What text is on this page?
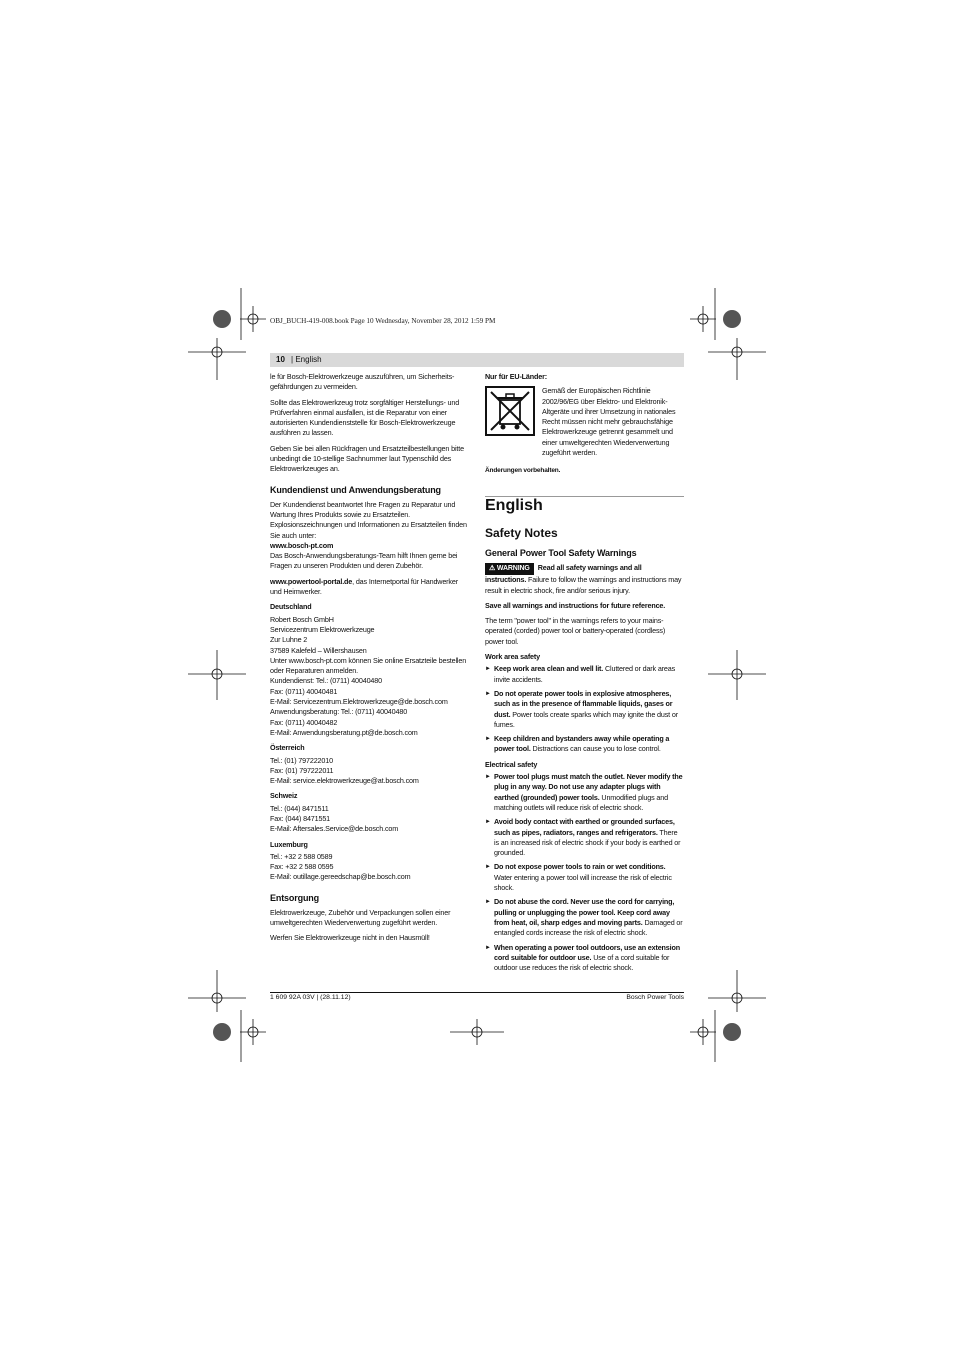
OBJ_BUCH-419-008.book Page 10 Wednesday, November 28, 2012 1:59 PM
10 | English

le für Bosch-Elektrowerkzeuge auszuführen, um Sicherheits-gefährdungen zu vermeiden.

Sollte das Elektrowerkzeug trotz sorgfältiger Herstellungs- und Prüfverfahren einmal ausfallen, ist die Reparatur von einer autorisierten Kundendienststelle für Bosch-Elektrowerkzeuge ausführen zu lassen.

Geben Sie bei allen Rückfragen und Ersatzteilbestellungen bitte unbedingt die 10-stellige Sachnummer laut Typenschild des Elektrowerkzeuges an.

Kundendienst und Anwendungsberatung

Der Kundendienst beantwortet Ihre Fragen zu Reparatur und Wartung Ihres Produkts sowie zu Ersatzteilen. Explosionszeichnungen und Informationen zu Ersatzteilen finden Sie auch unter:

www.bosch-pt.com

Das Bosch-Anwendungsberatungs-Team hilft Ihnen gerne bei Fragen zu unseren Produkten und deren Zubehör.

www.powertool-portal.de, das Internetportal für Handwerker und Heimwerker.

Deutschland
Robert Bosch GmbH
Servicezentrum Elektrowerkzeuge
Zur Luhne 2
37589 Kalefeld – Willershausen
Unter www.bosch-pt.com können Sie online Ersatzteile bestellen oder Reparaturen anmelden.
Kundendienst: Tel.: (0711) 40040480
Fax: (0711) 40040481
E-Mail: Servicezentrum.Elektrowerkzeuge@de.bosch.com
Anwendungsberatung: Tel.: (0711) 40040480
Fax: (0711) 40040482
E-Mail: Anwendungsberatung.pt@de.bosch.com
Österreich
Tel.: (01) 797222010
Fax: (01) 797222011
E-Mail: service.elektrowerkzeuge@at.bosch.com
Schweiz
Tel.: (044) 8471511
Fax: (044) 8471551
E-Mail: Aftersales.Service@de.bosch.com
Luxemburg
Tel.: +32 2 588 0589
Fax: +32 2 588 0595
E-Mail: outillage.gereedschap@be.bosch.com
Entsorgung

Elektrowerkzeuge, Zubehör und Verpackungen sollen einer umweltgerechten Wiederverwertung zugeführt werden.

Werfen Sie Elektrowerkzeuge nicht in den Hausmüll!

Nur für EU-Länder:
Gemäß der Europäischen Richtlinie 2002/96/EG über Elektro- und Elektronik-Altgeräte und ihrer Umsetzung in nationales Recht müssen nicht mehr gebrauchsfähige Elektrowerkzeuge getrennt gesammelt und einer umweltgerechten Wiederverwertung zugeführt werden.
Änderungen vorbehalten.
English
Safety Notes
General Power Tool Safety Warnings

⚠ WARNING Read all safety warnings and all instructions. Failure to follow the warnings and instructions may result in electric shock, fire and/or serious injury.

Save all warnings and instructions for future reference.

The term "power tool" in the warnings refers to your mains-operated (corded) power tool or battery-operated (cordless) power tool.

Work area safety
► Keep work area clean and well lit. Cluttered or dark areas invite accidents.
► Do not operate power tools in explosive atmospheres, such as in the presence of flammable liquids, gases or dust. Power tools create sparks which may ignite the dust or fumes.
► Keep children and bystanders away while operating a power tool. Distractions can cause you to lose control.
Electrical safety
► Power tool plugs must match the outlet. Never modify the plug in any way. Do not use any adapter plugs with earthed (grounded) power tools. Unmodified plugs and matching outlets will reduce risk of electric shock.
► Avoid body contact with earthed or grounded surfaces, such as pipes, radiators, ranges and refrigerators. There is an increased risk of electric shock if your body is earthed or grounded.
► Do not expose power tools to rain or wet conditions. Water entering a power tool will increase the risk of electric shock.
► Do not abuse the cord. Never use the cord for carrying, pulling or unplugging the power tool. Keep cord away from heat, oil, sharp edges and moving parts. Damaged or entangled cords increase the risk of electric shock.
► When operating a power tool outdoors, use an extension cord suitable for outdoor use. Use of a cord suitable for outdoor use reduces the risk of electric shock.
1 609 92A 03V | (28.11.12)	Bosch Power Tools
